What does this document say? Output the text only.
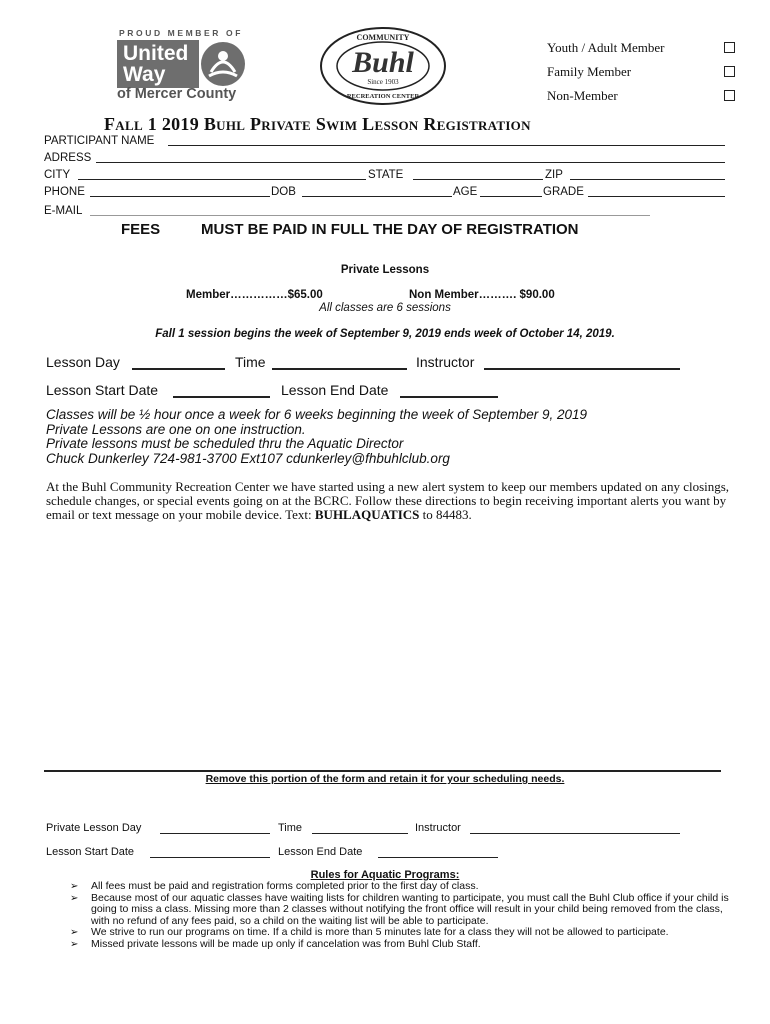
PROUD MEMBER OF
United
Way
of Mercer County
COMMUNITY
Buhl
Since 1903
RECREATION CENTER
Youth / Adult Member
Family Member
Non-Member
Fall 1 2019 Buhl Private Swim Lesson Registration
PARTICIPANT NAME
ADRESS
CITY	STATE	ZIP
PHONE	DOB	AGE	GRADE
E-MAIL
FEES	MUST BE PAID IN FULL THE DAY OF REGISTRATION
Private Lessons
Member……………$65.00	Non Member………. $90.00
All classes are 6 sessions
Fall 1 session begins the week of September 9, 2019 ends week of October 14, 2019.
Lesson Day	Time	Instructor
Lesson Start Date	Lesson End Date
Classes will be ½ hour once a week for 6 weeks beginning the week of September 9, 2019
Private Lessons are one on one instruction.
Private lessons must be scheduled thru the Aquatic Director
Chuck Dunkerley 724-981-3700 Ext107 cdunkerley@fhbuhlclub.org
At the Buhl Community Recreation Center we have started using a new alert system to keep our members updated on any closings, schedule changes, or special events going on at the BCRC. Follow these directions to begin receiving important alerts you want by email or text message on your mobile device. Text: BUHLAQUATICS to 84483.
Remove this portion of the form and retain it for your scheduling needs.
Private Lesson Day	Time	Instructor
Lesson Start Date	Lesson End Date
Rules for Aquatic Programs:
➢ All fees must be paid and registration forms completed prior to the first day of class.
➢ Because most of our aquatic classes have waiting lists for children wanting to participate, you must call the Buhl Club office if your child is going to miss a class. Missing more than 2 classes without notifying the front office will result in your child being removed from the class, with no refund of any fees paid, so a child on the waiting list will be able to participate.
➢ We strive to run our programs on time. If a child is more than 5 minutes late for a class they will not be allowed to participate.
➢ Missed private lessons will be made up only if cancelation was from Buhl Club Staff.
